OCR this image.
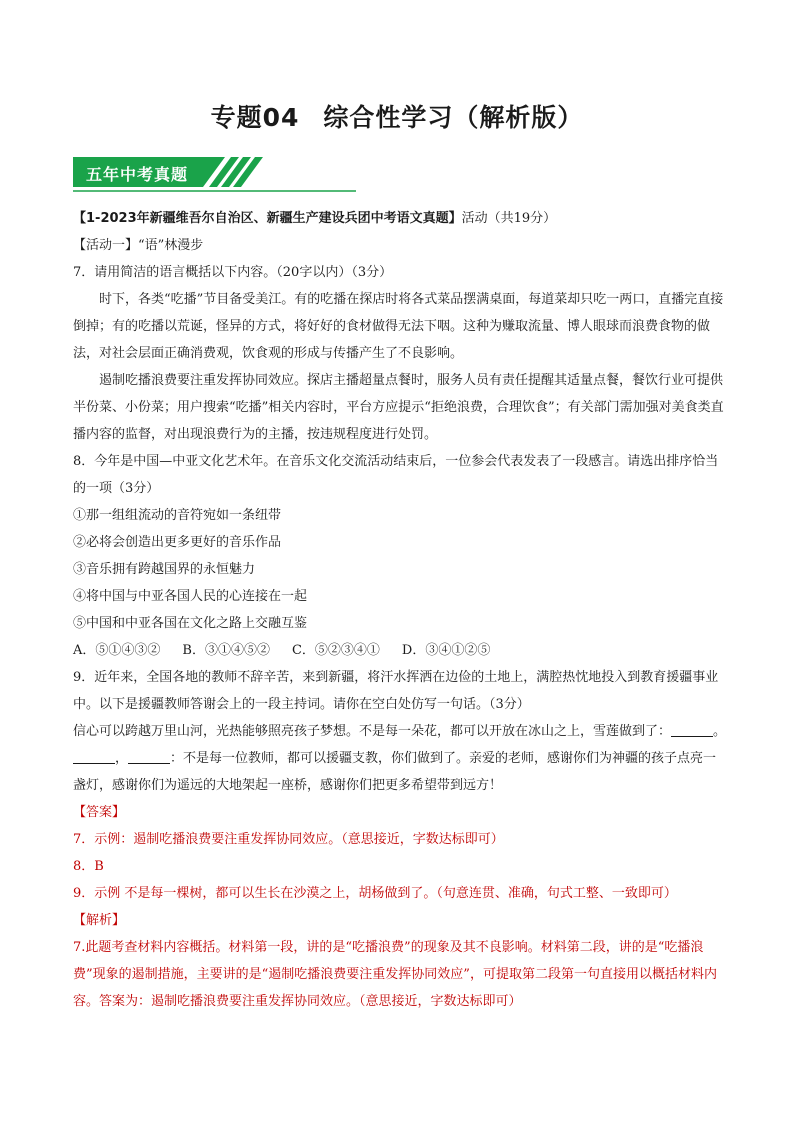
专题04 综合性学习（解析版）
五年中考真题

【1-2023年新疆维吾尔自治区、新疆生产建设兵团中考语文真题】活动（共19分）

【活动一】“语”林漫步

7．请用简洁的语言概括以下内容。（20字以内）（3分）

时下，各类“吃播”节目备受美江。有的吃播在探店时将各式菜品摆满桌面，每道菜却只吃一两口，直播完直接倒掉；有的吃播以荒诞，怪异的方式，将好好的食材做得无法下咽。这种为赚取流量、博人眼球而浪费食物的做法，对社会层面正确消费观，饮食观的形成与传播产生了不良影响。

遏制吃播浪费要注重发挥协同效应。探店主播超量点餐时，服务人员有责任提醒其适量点餐，餐饮行业可提供半份菜、小份菜；用户搜索“吃播”相关内容时，平台方应提示“拒绝浪费，合理饮食”；有关部门需加强对美食类直播内容的监督，对出现浪费行为的主播，按违规程度进行处罚。

8．今年是中国—中亚文化艺术年。在音乐文化交流活动结束后，一位参会代表发表了一段感言。请选出排序恰当的一项（3分）

①那一组组流动的音符宛如一条纽带

②必将会创造出更多更好的音乐作品

③音乐拥有跨越国界的永恒魅力

④将中国与中亚各国人民的心连接在一起

⑤中国和中亚各国在文化之路上交融互鉴

A．⑤①④③② B．③①④⑤② C．⑤②③④① D．③④①②⑤

9．近年来，全国各地的教师不辞辛苦，来到新疆，将汗水挥洒在边俭的土地上，满腔热忱地投入到教育援疆事业中。以下是援疆教师答谢会上的一段主持词。请你在空白处仿写一句话。（3分）

信心可以跨越万里山河，光热能够照亮孩子梦想。不是每一朵花，都可以开放在冰山之上，雪莲做到了：	。，	：不是每一位教师，都可以援疆支教，你们做到了。亲爱的老师，感谢你们为神疆的孩子点亮一盏灯，感谢你们为遥远的大地架起一座桥，感谢你们把更多希望带到远方！

【答案】

7．示例：遏制吃播浪费要注重发挥协同效应。（意思接近，字数达标即可）

8．B

9．示例 不是每一棵树，都可以生长在沙漠之上，胡杨做到了。（句意连贯、准确，句式工整、一致即可）

【解析】

7.此题考查材料内容概括。材料第一段，讲的是“吃播浪费”的现象及其不良影响。材料第二段，讲的是“吃播浪费”现象的遏制措施，主要讲的是“遏制吃播浪费要注重发挥协同效应”，可提取第二段第一句直接用以概括材料内容。答案为：遏制吃播浪费要注重发挥协同效应。（意思接近，字数达标即可）
